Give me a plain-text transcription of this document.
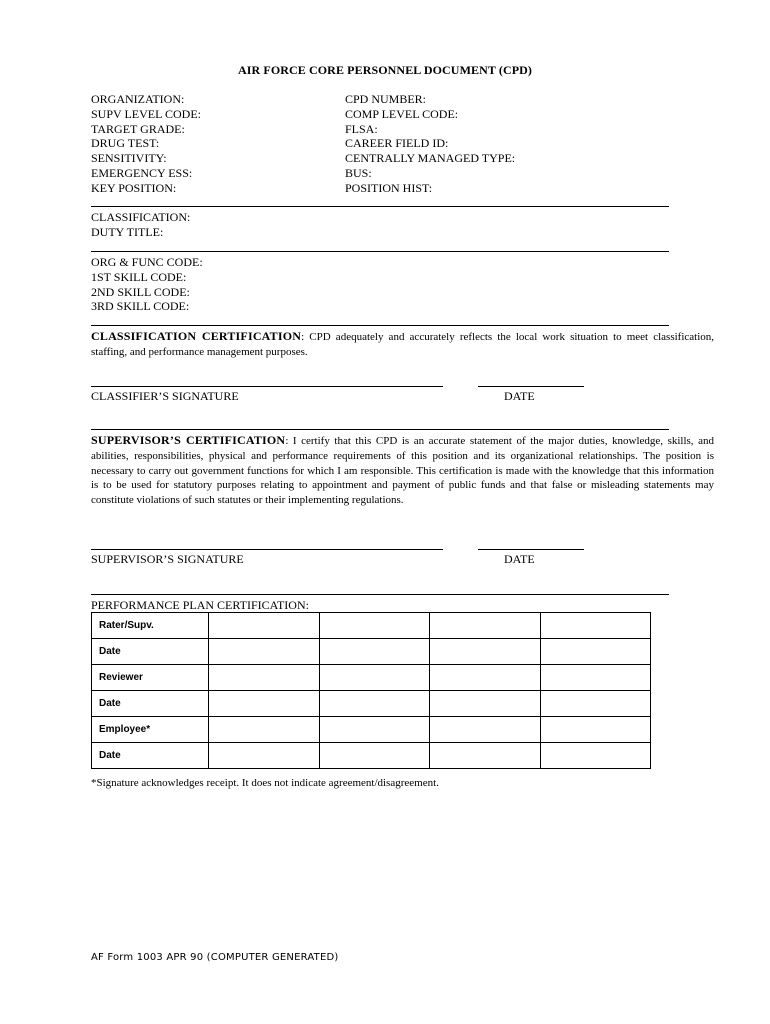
AIR FORCE CORE PERSONNEL DOCUMENT (CPD)
ORGANIZATION:
SUPV LEVEL CODE:
TARGET GRADE:
DRUG TEST:
SENSITIVITY:
EMERGENCY ESS:
KEY POSITION:
CPD NUMBER:
COMP LEVEL CODE:
FLSA:
CAREER FIELD ID:
CENTRALLY MANAGED TYPE:
BUS:
POSITION HIST:
CLASSIFICATION:
DUTY TITLE:
ORG & FUNC CODE:
1ST SKILL CODE:
2ND SKILL CODE:
3RD SKILL CODE:
CLASSIFICATION CERTIFICATION: CPD adequately and accurately reflects the local work situation to meet classification, staffing, and performance management purposes.
CLASSIFIER’S SIGNATURE	DATE
SUPERVISOR’S CERTIFICATION: I certify that this CPD is an accurate statement of the major duties, knowledge, skills, and abilities, responsibilities, physical and performance requirements of this position and its organizational relationships. The position is necessary to carry out government functions for which I am responsible. This certification is made with the knowledge that this information is to be used for statutory purposes relating to appointment and payment of public funds and that false or misleading statements may constitute violations of such statutes or their implementing regulations.
SUPERVISOR’S SIGNATURE	DATE
PERFORMANCE PLAN CERTIFICATION:
Rater/Supv.				
Date				
Reviewer				
Date				
Employee*				
Date				
*Signature acknowledges receipt. It does not indicate agreement/disagreement.
AF Form 1003 APR 90 (COMPUTER GENERATED)
